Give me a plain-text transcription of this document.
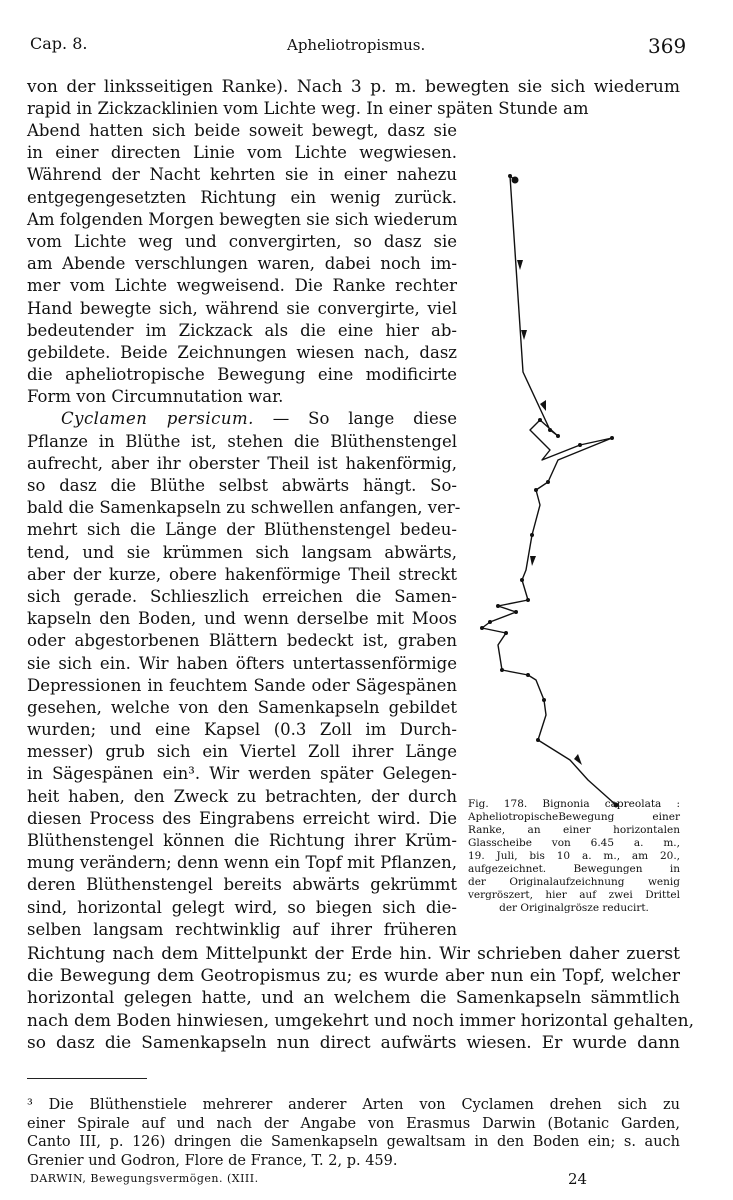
Cap. 8.	Apheliotropismus.	369
von der linksseitigen Ranke). Nach 3 p. m. bewegten sie sich wiederum
rapid in Zickzacklinien vom Lichte weg. In einer späten Stunde am
Abend hatten sich beide soweit bewegt, dasz sie
in einer directen Linie vom Lichte wegwiesen.
Während der Nacht kehrten sie in einer nahezu
entgegengesetzten Richtung ein wenig zurück.
Am folgenden Morgen bewegten sie sich wiederum
vom Lichte weg und convergirten, so dasz sie
am Abende verschlungen waren, dabei noch im-
mer vom Lichte wegweisend. Die Ranke rechter
Hand bewegte sich, während sie convergirte, viel
bedeutender im Zickzack als die eine hier ab-
gebildete. Beide Zeichnungen wiesen nach, dasz
die apheliotropische Bewegung eine modificirte
Form von Circumnutation war.
Cyclamen persicum. — So lange diese
Pflanze in Blüthe ist, stehen die Blüthenstengel
aufrecht, aber ihr oberster Theil ist hakenförmig,
so dasz die Blüthe selbst abwärts hängt. So-
bald die Samenkapseln zu schwellen anfangen, ver-
mehrt sich die Länge der Blüthenstengel bedeu-
tend, und sie krümmen sich langsam abwärts,
aber der kurze, obere hakenförmige Theil streckt
sich gerade. Schlieszlich erreichen die Samen-
kapseln den Boden, und wenn derselbe mit Moos
oder abgestorbenen Blättern bedeckt ist, graben
sie sich ein. Wir haben öfters untertassenförmige
Depressionen in feuchtem Sande oder Sägespänen
gesehen, welche von den Samenkapseln gebildet
wurden; und eine Kapsel (0.3 Zoll im Durch-
messer) grub sich ein Viertel Zoll ihrer Länge
in Sägespänen ein³. Wir werden später Gelegen-
heit haben, den Zweck zu betrachten, der durch
diesen Process des Eingrabens erreicht wird. Die
Blüthenstengel können die Richtung ihrer Krüm-
mung verändern; denn wenn ein Topf mit Pflanzen,
deren Blüthenstengel bereits abwärts gekrümmt
sind, horizontal gelegt wird, so biegen sich die-
selben langsam rechtwinklig auf ihrer früheren
Fig. 178. Bignonia capreolata :
ApheliotropischeBewegung einer
Ranke, an einer horizontalen
Glasscheibe von 6.45 a. m.,
19. Juli, bis 10 a. m., am 20.,
aufgezeichnet. Bewegungen in
der Originalaufzeichnung wenig
vergröszert, hier auf zwei Drittel
der Originalgrösze reducirt.
Richtung nach dem Mittelpunkt der Erde hin. Wir schrieben daher zuerst
die Bewegung dem Geotropismus zu; es wurde aber nun ein Topf, welcher
horizontal gelegen hatte, und an welchem die Samenkapseln sämmtlich
nach dem Boden hinwiesen, umgekehrt und noch immer horizontal gehalten,
so dasz die Samenkapseln nun direct aufwärts wiesen. Er wurde dann
³ Die Blüthenstiele mehrerer anderer Arten von Cyclamen drehen sich zu
einer Spirale auf und nach der Angabe von Erasmus Darwin (Botanic Garden,
Canto III, p. 126) dringen die Samenkapseln gewaltsam in den Boden ein; s. auch
Grenier und Godron, Flore de France, T. 2, p. 459.
DARWIN, Bewegungsvermögen. (XIII.	24
